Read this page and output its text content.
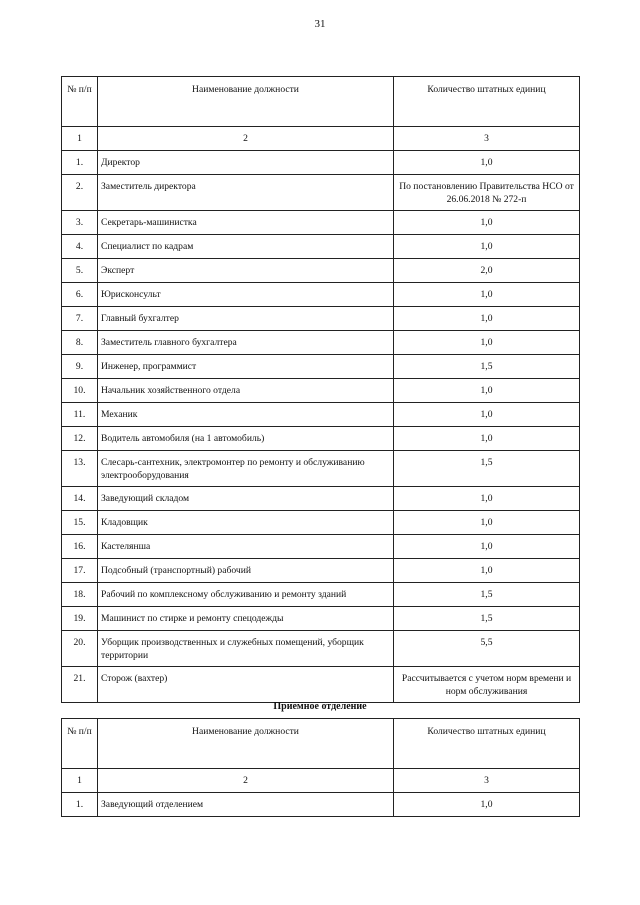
31
№ п/п	Наименование должности	Количество штатных единиц
1	2	3
1.	Директор	1,0
2.	Заместитель директора	По постановлению Правительства НСО от 26.06.2018 № 272-п
3.	Секретарь-машинистка	1,0
4.	Специалист по кадрам	1,0
5.	Эксперт	2,0
6.	Юрисконсульт	1,0
7.	Главный бухгалтер	1,0
8.	Заместитель главного бухгалтера	1,0
9.	Инженер, программист	1,5
10.	Начальник хозяйственного отдела	1,0
11.	Механик	1,0
12.	Водитель автомобиля (на 1 автомобиль)	1,0
13.	Слесарь-сантехник, электромонтер по ремонту и обслуживанию электрооборудования	1,5
14.	Заведующий складом	1,0
15.	Кладовщик	1,0
16.	Кастелянша	1,0
17.	Подсобный (транспортный) рабочий	1,0
18.	Рабочий по комплексному обслуживанию и ремонту зданий	1,5
19.	Машинист по стирке и ремонту спецодежды	1,5
20.	Уборщик производственных и служебных помещений, уборщик территории	5,5
21.	Сторож (вахтер)	Рассчитывается с учетом норм времени и норм обслуживания
Приемное отделение
№ п/п	Наименование должности	Количество штатных единиц
1	2	3
1.	Заведующий отделением	1,0
